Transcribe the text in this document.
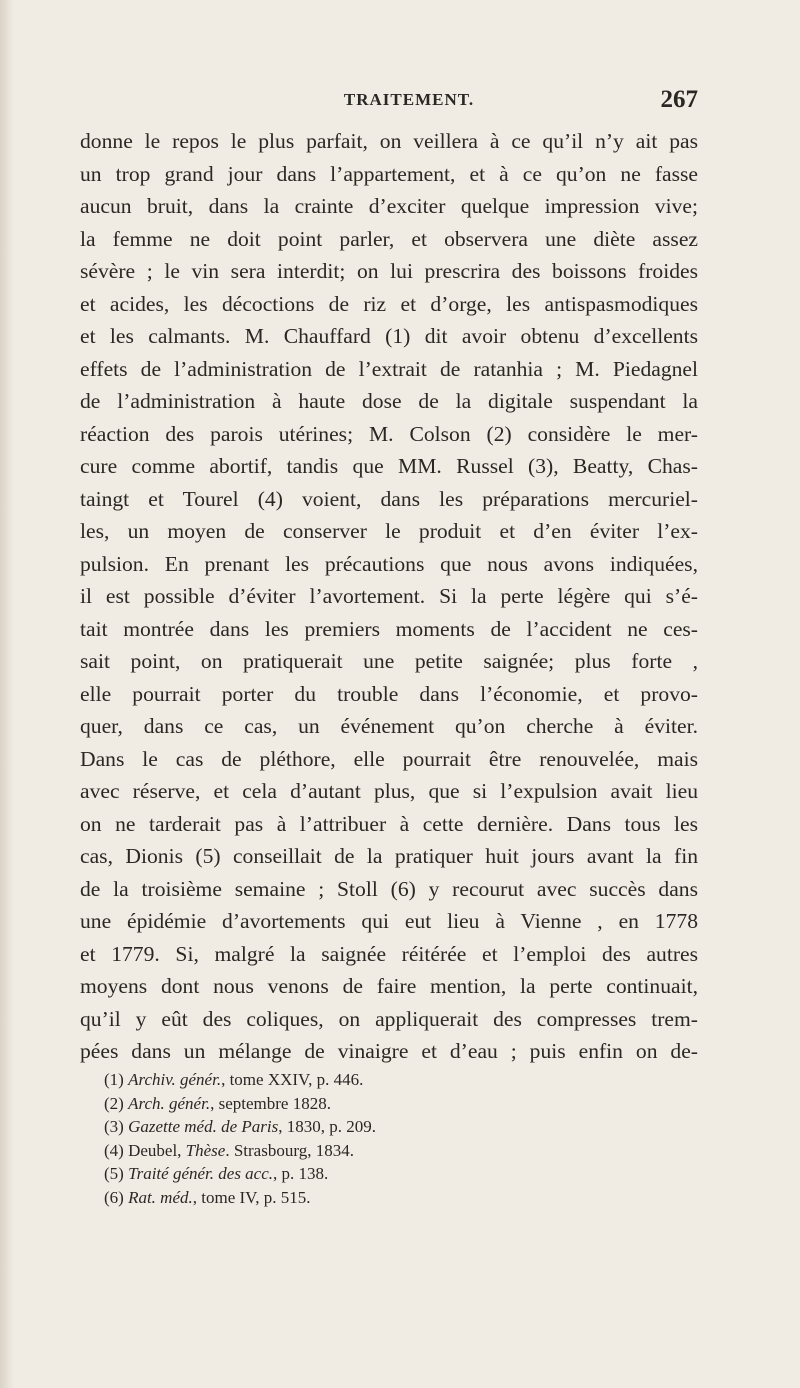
TRAITEMENT.	267
donne le repos le plus parfait, on veillera à ce qu’il n’y ait pas
un trop grand jour dans l’appartement, et à ce qu’on ne fasse
aucun bruit, dans la crainte d’exciter quelque impression vive;
la femme ne doit point parler, et observera une diète assez
sévère ; le vin sera interdit; on lui prescrira des boissons froides
et acides, les décoctions de riz et d’orge, les antispasmodiques
et les calmants. M. Chauffard (1) dit avoir obtenu d’excellents
effets de l’administration de l’extrait de ratanhia ; M. Piedagnel
de l’administration à haute dose de la digitale suspendant la
réaction des parois utérines; M. Colson (2) considère le mer-
cure comme abortif, tandis que MM. Russel (3), Beatty, Chas-
taingt et Tourel (4) voient, dans les préparations mercuriel-
les, un moyen de conserver le produit et d’en éviter l’ex-
pulsion. En prenant les précautions que nous avons indiquées,
il est possible d’éviter l’avortement. Si la perte légère qui s’é-
tait montrée dans les premiers moments de l’accident ne ces-
sait point, on pratiquerait une petite saignée; plus forte ,
elle pourrait porter du trouble dans l’économie, et provo-
quer, dans ce cas, un événement qu’on cherche à éviter.
Dans le cas de pléthore, elle pourrait être renouvelée, mais
avec réserve, et cela d’autant plus, que si l’expulsion avait lieu
on ne tarderait pas à l’attribuer à cette dernière. Dans tous les
cas, Dionis (5) conseillait de la pratiquer huit jours avant la fin
de la troisième semaine ; Stoll (6) y recourut avec succès dans
une épidémie d’avortements qui eut lieu à Vienne , en 1778
et 1779. Si, malgré la saignée réitérée et l’emploi des autres
moyens dont nous venons de faire mention, la perte continuait,
qu’il y eût des coliques, on appliquerait des compresses trem-
pées dans un mélange de vinaigre et d’eau ; puis enfin on de-
(1) Archiv. génér., tome XXIV, p. 446.
(2) Arch. génér., septembre 1828.
(3) Gazette méd. de Paris, 1830, p. 209.
(4) Deubel, Thèse. Strasbourg, 1834.
(5) Traité génér. des acc., p. 138.
(6) Rat. méd., tome IV, p. 515.
